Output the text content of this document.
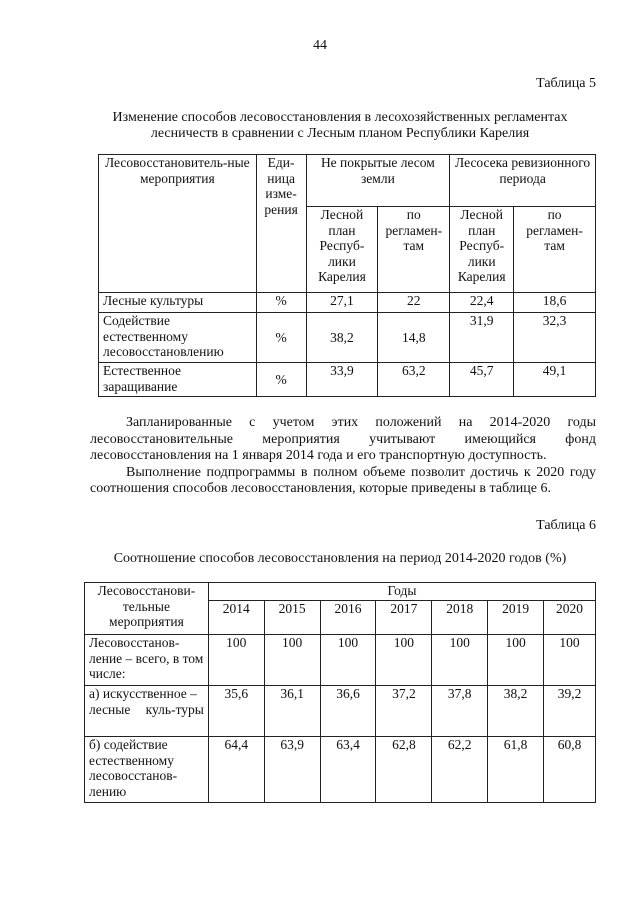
44
Таблица 5
Изменение способов лесовосстановления в лесохозяйственных регламентах
лесничеств в сравнении с Лесным планом Республики Карелия
Лесовосстановитель-ные мероприятия	Еди-ница изме-рения	Не покрытые лесом земли		Лесосека ревизионного периода	
		Лесной план Респуб-лики Карелия	по регламен-там	Лесной план Респуб-лики Карелия	по регламен-там
Лесные культуры	%	27,1	22	22,4	18,6
Содействие естественному лесовосстановлению	%	38,2	14,8	31,9	32,3
Естественное заращивание	%	33,9	63,2	45,7	49,1

Запланированные с учетом этих положений на 2014-2020 годы лесовосстановительные мероприятия учитывают имеющийся фонд лесовосстановления на 1 января 2014 года и его транспортную доступность.

Выполнение подпрограммы в полном объеме позволит достичь к 2020 году соотношения способов лесовосстановления, которые приведены в таблице 6.

Таблица 6
Соотношение способов лесовосстановления на период 2014-2020 годов (%)
Лесовосстанови-тельные мероприятия	Годы						
	2014	2015	2016	2017	2018	2019	2020
Лесовосстанов-ление – всего, в том числе:	100	100	100	100	100	100	100
а) искусственное – лесные куль-туры	35,6	36,1	36,6	37,2	37,8	38,2	39,2
б) содействие естественному лесовосстанов-лению	64,4	63,9	63,4	62,8	62,2	61,8	60,8
